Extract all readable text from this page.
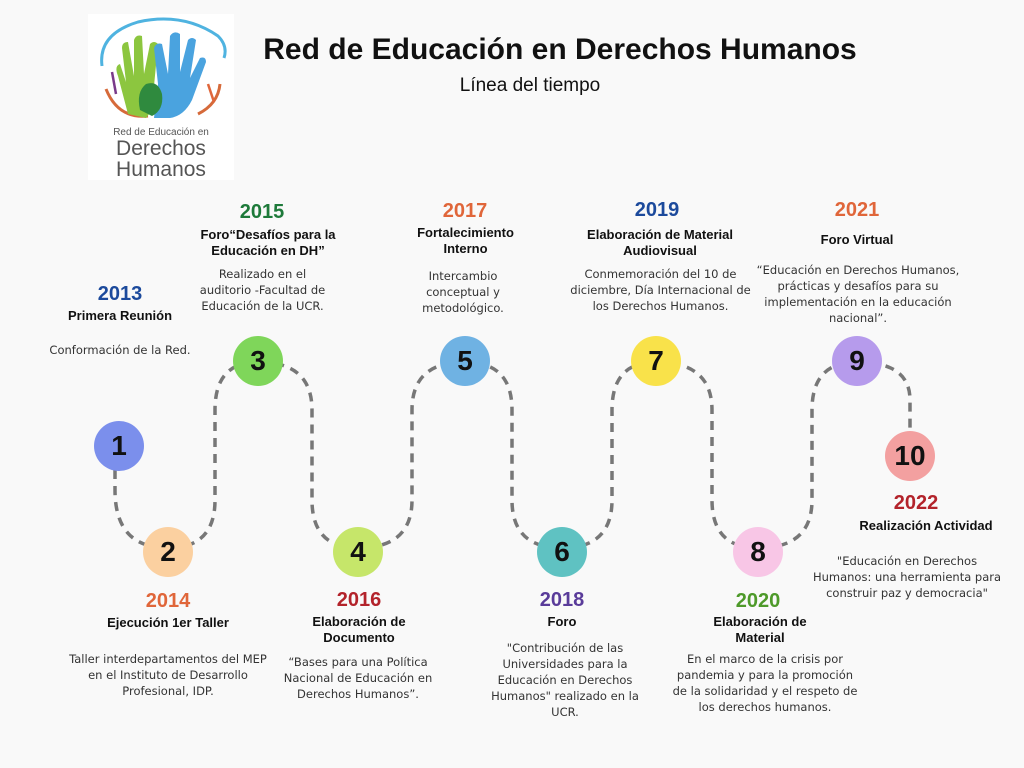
Red de Educación en
Derechos
Humanos
Red de Educación en Derechos Humanos
Línea del tiempo
1
2013
Primera Reunión
Conformación de la Red.
2
2014
Ejecución 1er Taller
Taller interdepartamentos del MEP en el Instituto de Desarrollo Profesional, IDP.
3
2015
Foro“Desafíos para la Educación en DH”
Realizado en el auditorio -Facultad de Educación de la UCR.
4
2016
Elaboración de Documento
“Bases para una Política Nacional de Educación en Derechos Humanos”.
5
2017
Fortalecimiento Interno
Intercambio conceptual y metodológico.
6
2018
Foro
"Contribución de las Universidades para la Educación en Derechos Humanos" realizado en la UCR.
7
2019
Elaboración de Material Audiovisual
Conmemoración del 10 de diciembre, Día Internacional de los Derechos Humanos.
8
2020
Elaboración de Material
En el marco de la crisis por pandemia y para la promoción de la solidaridad y el respeto de los derechos humanos.
9
2021
Foro Virtual
“Educación en Derechos Humanos, prácticas y desafíos para su implementación en la educación nacional”.
10
2022
Realización Actividad
"Educación en Derechos Humanos: una herramienta para construir paz y democracia"
